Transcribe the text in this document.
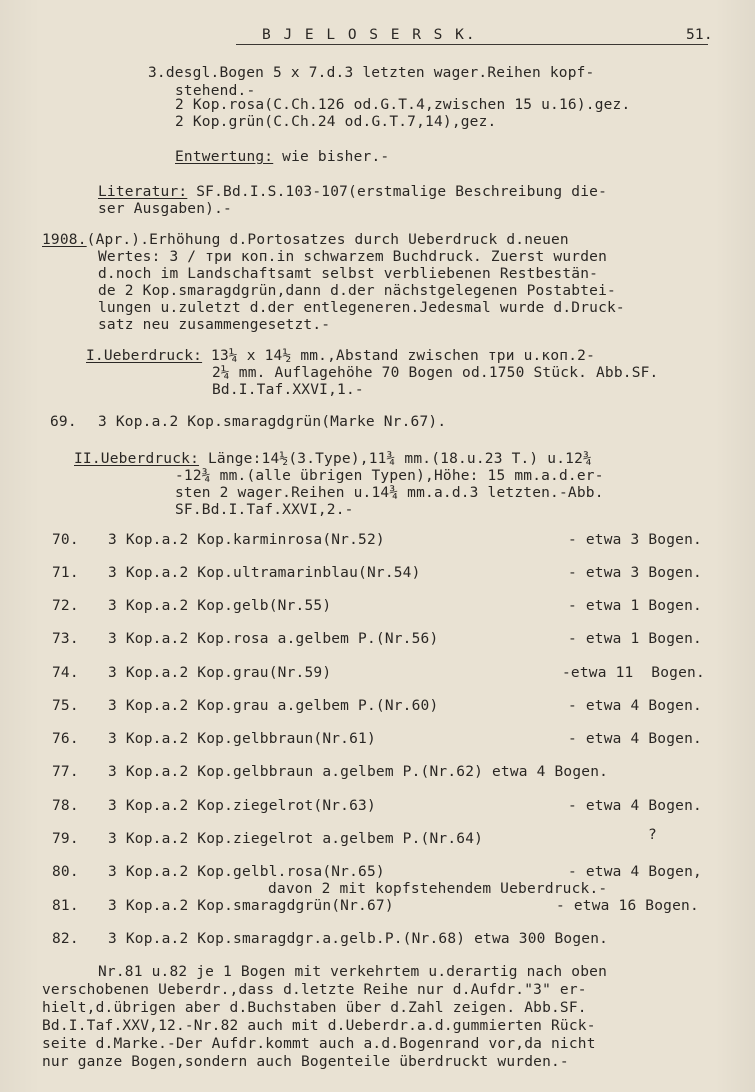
B J E L O S E R S K.	51.
3.desgl.Bogen 5 x 7.d.3 letzten wager.Reihen kopf-
stehend.-
2 Kop.rosa(C.Ch.126 od.G.T.4,zwischen 15 u.16).gez.
2 Kop.grün(C.Ch.24 od.G.T.7,14),gez.
Entwertung: wie bisher.-
Literatur: SF.Bd.I.S.103-107(erstmalige Beschreibung die-
ser Ausgaben).-
1908.(Apr.).Erhöhung d.Portosatzes durch Ueberdruck d.neuen
Wertes: 3 / три коп.in schwarzem Buchdruck. Zuerst wurden
d.noch im Landschaftsamt selbst verbliebenen Restbestän-
de 2 Kop.smaragdgrün,dann d.der nächstgelegenen Postabtei-
lungen u.zuletzt d.der entlegeneren.Jedesmal wurde d.Druck-
satz neu zusammengesetzt.-
I.Ueberdruck: 13¼ x 14½ mm.,Abstand zwischen три u.коп.2-
2¼ mm. Auflagehöhe 70 Bogen od.1750 Stück. Abb.SF.
Bd.I.Taf.XXVI,1.-
69. 3 Kop.a.2 Kop.smaragdgrün(Marke Nr.67).
II.Ueberdruck: Länge:14½(3.Type),11¾ mm.(18.u.23 T.) u.12¾
-12¾ mm.(alle übrigen Typen),Höhe: 15 mm.a.d.er-
sten 2 wager.Reihen u.14¾ mm.a.d.3 letzten.-Abb.
SF.Bd.I.Taf.XXVI,2.-
70. 3 Kop.a.2 Kop.karminrosa(Nr.52)	- etwa 3 Bogen.
71. 3 Kop.a.2 Kop.ultramarinblau(Nr.54)	- etwa 3 Bogen.
72. 3 Kop.a.2 Kop.gelb(Nr.55)	- etwa 1 Bogen.
73. 3 Kop.a.2 Kop.rosa a.gelbem P.(Nr.56)	- etwa 1 Bogen.
74. 3 Kop.a.2 Kop.grau(Nr.59)	-etwa 11  Bogen.
75. 3 Kop.a.2 Kop.grau a.gelbem P.(Nr.60)	- etwa 4 Bogen.
76. 3 Kop.a.2 Kop.gelbbraun(Nr.61)	- etwa 4 Bogen.
77. 3 Kop.a.2 Kop.gelbbraun a.gelbem P.(Nr.62) etwa 4 Bogen.
78. 3 Kop.a.2 Kop.ziegelrot(Nr.63)	- etwa 4 Bogen.
79. 3 Kop.a.2 Kop.ziegelrot a.gelbem P.(Nr.64)	?
80. 3 Kop.a.2 Kop.gelbl.rosa(Nr.65)	- etwa 4 Bogen,
davon 2 mit kopfstehendem Ueberdruck.-
81. 3 Kop.a.2 Kop.smaragdgrün(Nr.67)	- etwa 16 Bogen.
82. 3 Kop.a.2 Kop.smaragdgr.a.gelb.P.(Nr.68) etwa 300 Bogen.
Nr.81 u.82 je 1 Bogen mit verkehrtem u.derartig nach oben
verschobenen Ueberdr.,dass d.letzte Reihe nur d.Aufdr."3" er-
hielt,d.übrigen aber d.Buchstaben über d.Zahl zeigen. Abb.SF.
Bd.I.Taf.XXV,12.-Nr.82 auch mit d.Ueberdr.a.d.gummierten Rück-
seite d.Marke.-Der Aufdr.kommt auch a.d.Bogenrand vor,da nicht
nur ganze Bogen,sondern auch Bogenteile überdruckt wurden.-
